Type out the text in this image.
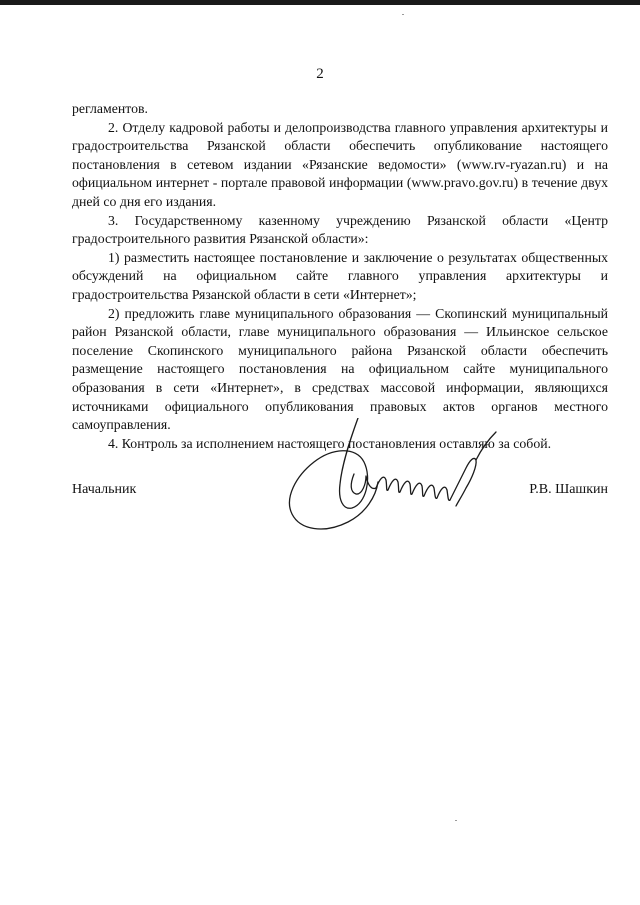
2

регламентов.

2. Отделу кадровой работы и делопроизводства главного управления архитектуры и градостроительства Рязанской области обеспечить опубликование настоящего постановления в сетевом издании «Рязанские ведомости» (www.rv-ryazan.ru) и на официальном интернет - портале правовой информации (www.pravo.gov.ru) в течение двух дней со дня его издания.

3. Государственному казенному учреждению Рязанской области «Центр градостроительного развития Рязанской области»:

1) разместить настоящее постановление и заключение о результатах общественных обсуждений на официальном сайте главного управления архитектуры и градостроительства Рязанской области в сети «Интернет»;

2) предложить главе муниципального образования — Скопинский муниципальный район Рязанской области, главе муниципального образования — Ильинское сельское поселение Скопинского муниципального района Рязанской области обеспечить размещение настоящего постановления на официальном сайте муниципального образования в сети «Интернет», в средствах массовой информации, являющихся источниками официального опубликования правовых актов органов местного самоуправления.

4. Контроль за исполнением настоящего постановления оставляю за собой.

Начальник	Р.В. Шашкин
